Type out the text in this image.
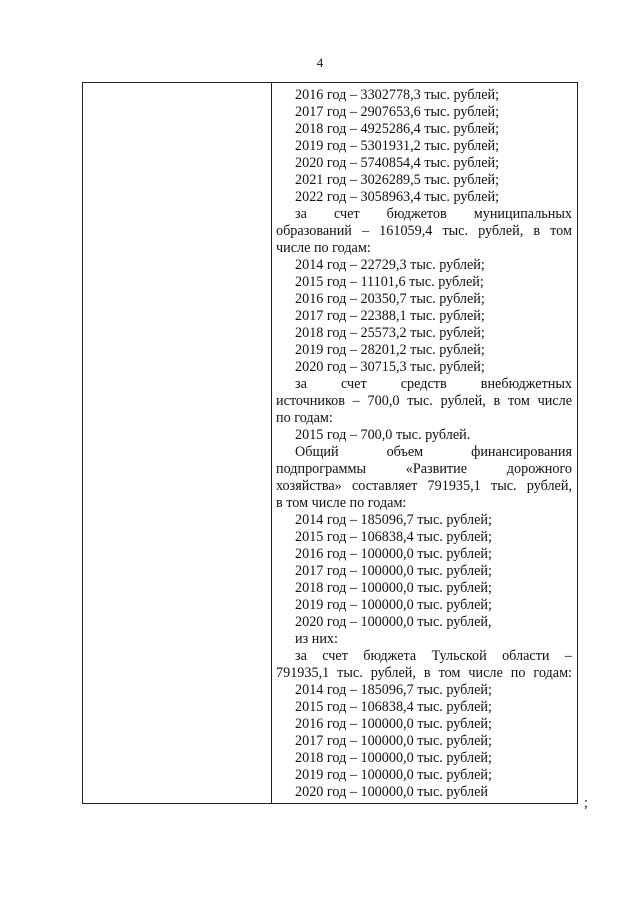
4
2016 год – 3302778,3 тыс. рублей;
2017 год – 2907653,6 тыс. рублей;
2018 год – 4925286,4 тыс. рублей;
2019 год – 5301931,2 тыс. рублей;
2020 год – 5740854,4 тыс. рублей;
2021 год – 3026289,5 тыс. рублей;
2022 год – 3058963,4 тыс. рублей;
за счет бюджетов муниципальных
образований – 161059,4 тыс. рублей, в том
числе по годам:
2014 год – 22729,3 тыс. рублей;
2015 год – 11101,6 тыс. рублей;
2016 год – 20350,7 тыс. рублей;
2017 год – 22388,1 тыс. рублей;
2018 год – 25573,2 тыс. рублей;
2019 год – 28201,2 тыс. рублей;
2020 год – 30715,3 тыс. рублей;
за счет средств внебюджетных
источников – 700,0 тыс. рублей, в том числе
по годам:
2015 год – 700,0 тыс. рублей.
Общий объем финансирования
подпрограммы «Развитие дорожного
хозяйства» составляет 791935,1 тыс. рублей,
в том числе по годам:
2014 год – 185096,7 тыс. рублей;
2015 год – 106838,4 тыс. рублей;
2016 год – 100000,0 тыс. рублей;
2017 год – 100000,0 тыс. рублей;
2018 год – 100000,0 тыс. рублей;
2019 год – 100000,0 тыс. рублей;
2020 год – 100000,0 тыс. рублей,
из них:
за счет бюджета Тульской области –
791935,1 тыс. рублей, в том числе по годам:
2014 год – 185096,7 тыс. рублей;
2015 год – 106838,4 тыс. рублей;
2016 год – 100000,0 тыс. рублей;
2017 год – 100000,0 тыс. рублей;
2018 год – 100000,0 тыс. рублей;
2019 год – 100000,0 тыс. рублей;
2020 год – 100000,0 тыс. рублей
;
